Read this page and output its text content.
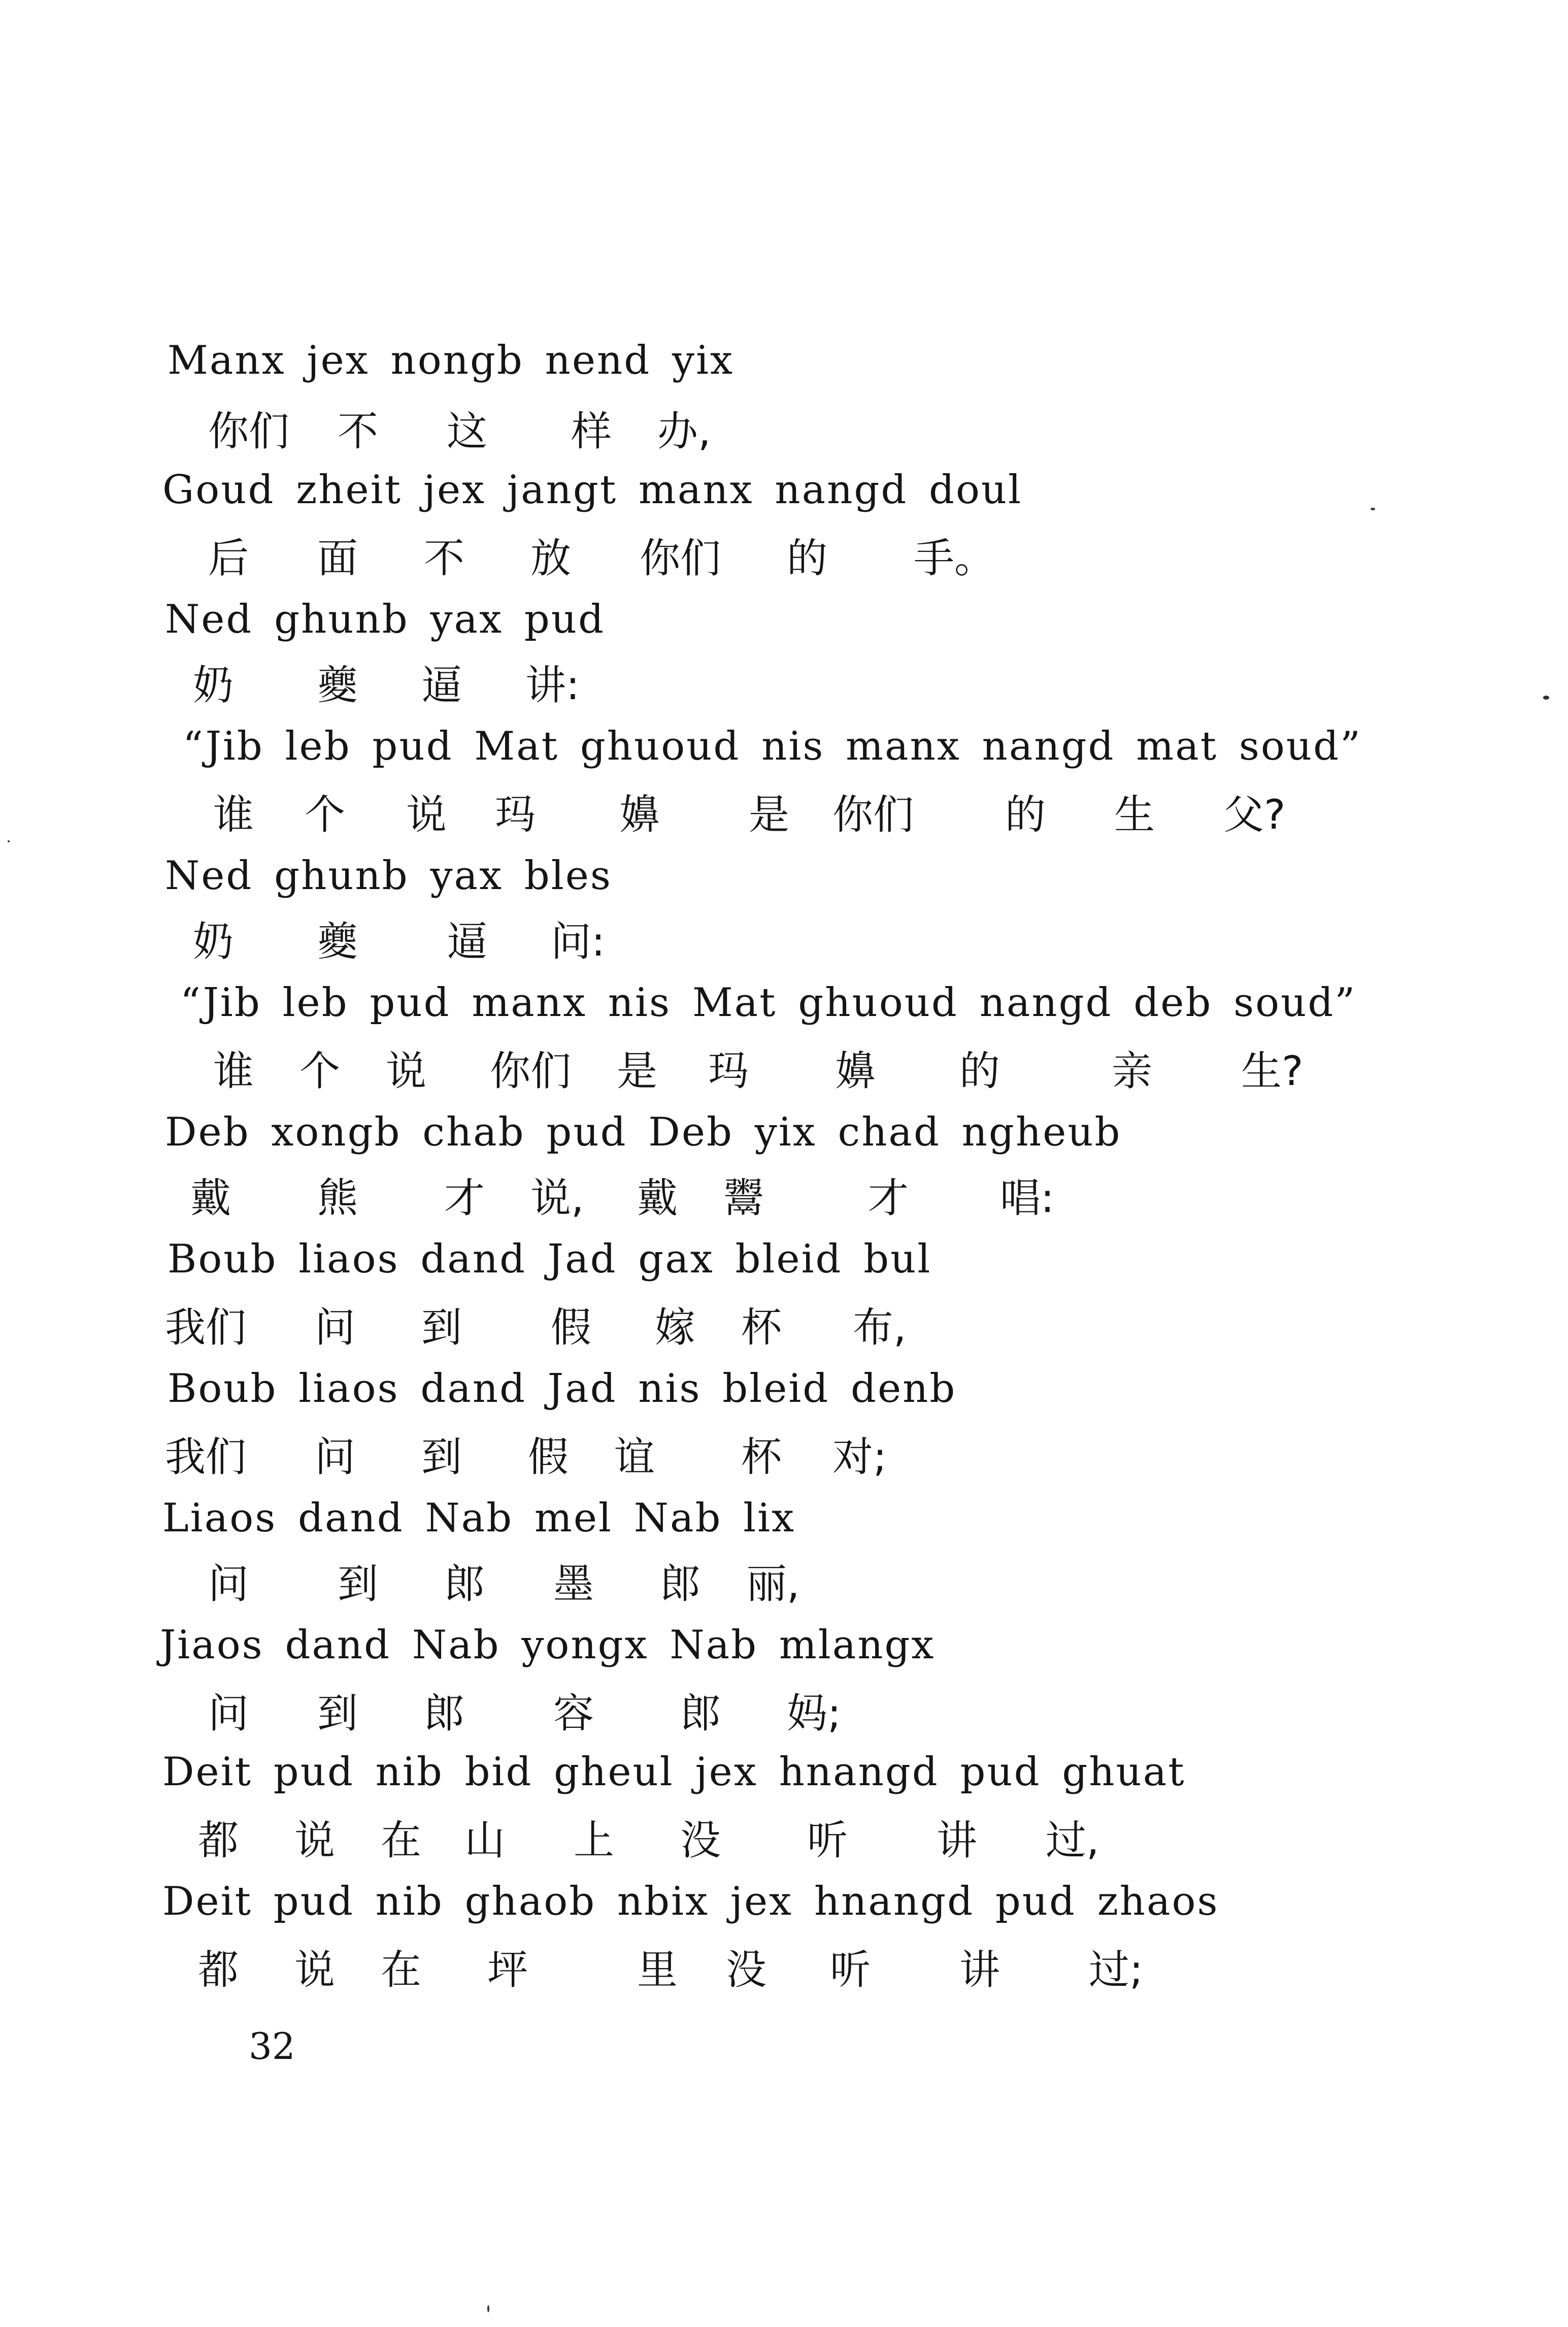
Manx jex nongb nend yix

你们 不 这 样 办,

Goud zheit jex jangt manx nangd doul

后 面 不 放 你们 的 手。

Ned ghunb yax pud

奶 夔 逼 讲:

“Jib leb pud Mat ghuoud nis manx nangd mat soud”

谁 个 说 玛 嬶 是 你们 的 生 父?

Ned ghunb yax bles

奶 夔 逼 问:

“Jib leb pud manx nis Mat ghuoud nangd deb soud”

谁 个 说 你们 是 玛 嬶 的	亲 生?

Deb xongb chab pud Deb yix chad ngheub

戴 熊 才 说, 戴 鬻	才 唱:

Boub liaos dand Jad gax bleid bul

我们 问 到 假 嫁 杯 布,

Boub liaos dand Jad nis bleid denb

我们 问 到 假 谊 杯 对;

Liaos dand Nab mel Nab lix

问 到 郎 墨 郎 丽,

Jiaos dand Nab yongx Nab mlangx

问 到 郎 容 郎 妈;

Deit pud nib bid gheul jex hnangd pud ghuat

都 说 在 山 上 没 听 讲 过,

Deit pud nib ghaob nbix jex hnangd pud zhaos

都 说 在 坪	里 没 听 讲 过;
32
